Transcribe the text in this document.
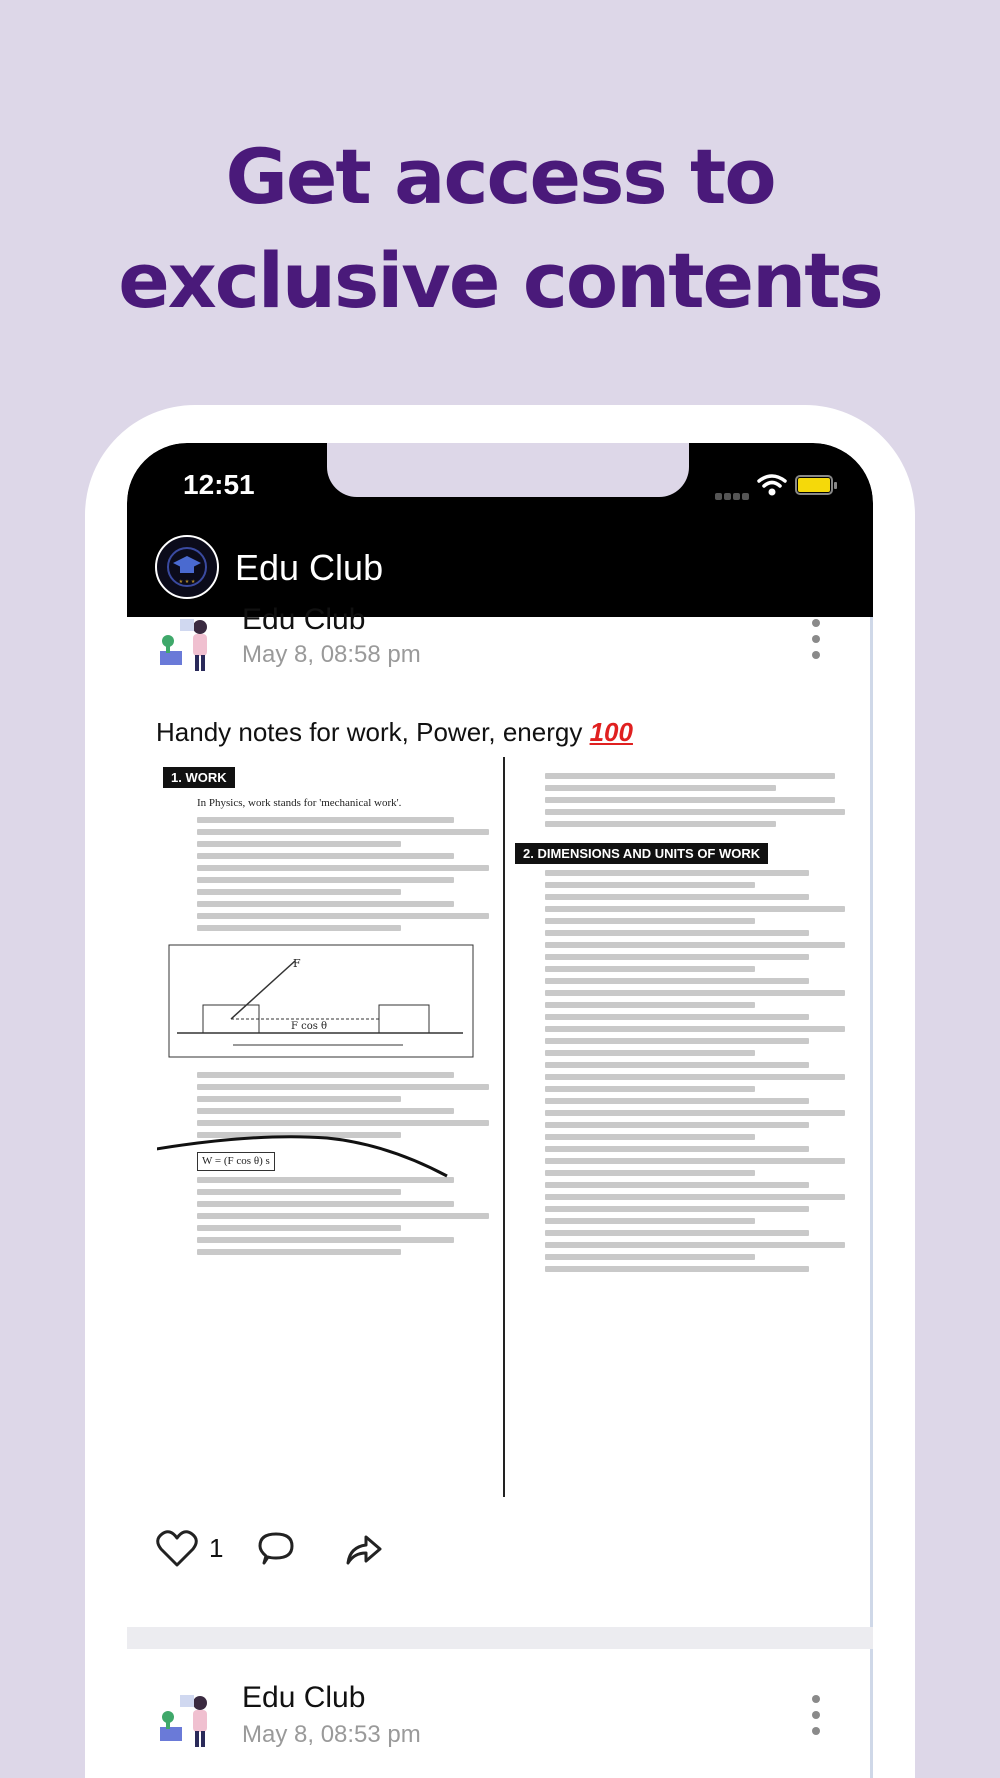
Get access to
exclusive contents
12:51
★ ★ ★ Edu Club
Edu Club
May 8, 08:58 pm
Handy notes for work, Power, energy 100
1. WORK
In Physics, work stands for 'mechanical work'.
F
F cos θ
W = (F cos θ) s
2. DIMENSIONS AND UNITS OF WORK
1
Edu Club
May 8, 08:53 pm
